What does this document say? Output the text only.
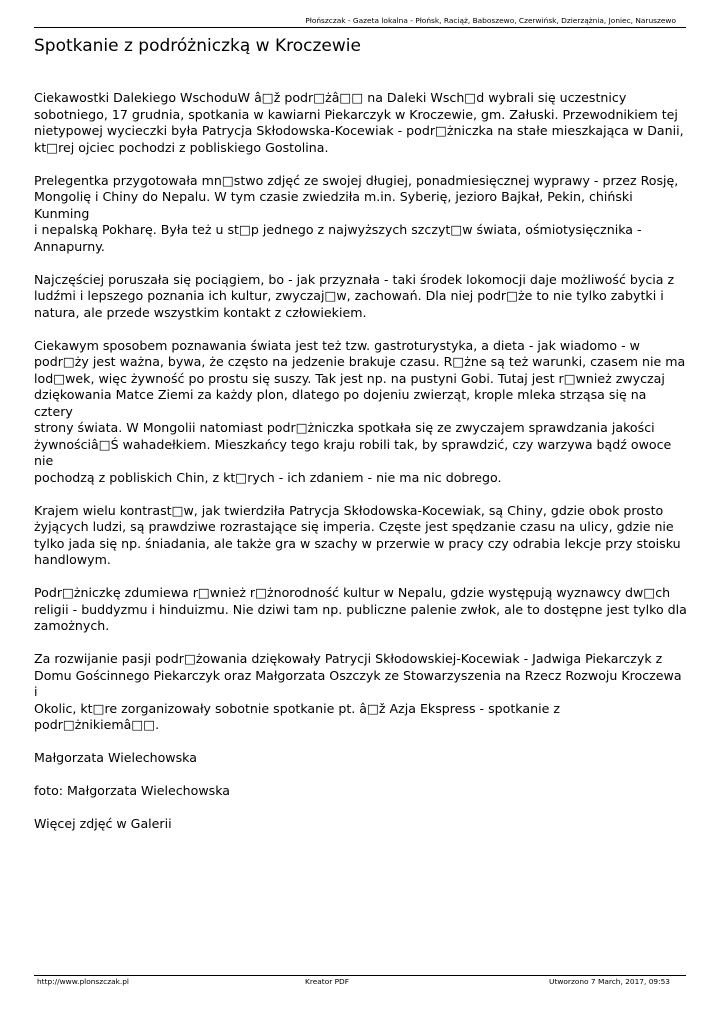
Płońszczak - Gazeta lokalna - Płońsk, Raciąż, Baboszewo, Czerwińsk, Dzierzążnia, Joniec, Naruszewo
Spotkanie z podróżniczką w Kroczewie

Ciekawostki Dalekiego WschoduW â□ž podr□żâ□□ na Daleki Wsch□d wybrali się uczestnicy
sobotniego, 17 grudnia, spotkania w kawiarni Piekarczyk w Kroczewie, gm. Załuski. Przewodnikiem tej
nietypowej wycieczki była Patrycja Skłodowska-Kocewiak - podr□żniczka na stałe mieszkająca w Danii,
kt□rej ojciec pochodzi z pobliskiego Gostolina.

Prelegentka przygotowała mn□stwo zdjęć ze swojej długiej, ponadmiesięcznej wyprawy - przez Rosję,
Mongolię i Chiny do Nepalu. W tym czasie zwiedziła m.in. Syberię, jezioro Bajkał, Pekin, chiński Kunming
i nepalską Pokharę. Była też u st□p jednego z najwyższych szczyt□w świata, ośmiotysięcznika -
Annapurny.

Najczęściej poruszała się pociągiem, bo - jak przyznała - taki środek lokomocji daje możliwość bycia z
ludźmi i lepszego poznania ich kultur, zwyczaj□w, zachowań. Dla niej podr□że to nie tylko zabytki i
natura, ale przede wszystkim kontakt z człowiekiem.

Ciekawym sposobem poznawania świata jest też tzw. gastroturystyka, a dieta - jak wiadomo - w
podr□ży jest ważna, bywa, że często na jedzenie brakuje czasu. R□żne są też warunki, czasem nie ma
lod□wek, więc żywność po prostu się suszy. Tak jest np. na pustyni Gobi. Tutaj jest r□wnież zwyczaj
dziękowania Matce Ziemi za każdy plon, dlatego po dojeniu zwierząt, krople mleka strząsa się na cztery
strony świata. W Mongolii natomiast podr□żniczka spotkała się ze zwyczajem sprawdzania jakości
żywnościâ□Ś wahadełkiem. Mieszkańcy tego kraju robili tak, by sprawdzić, czy warzywa bądź owoce nie
pochodzą z pobliskich Chin, z kt□rych - ich zdaniem - nie ma nic dobrego.

Krajem wielu kontrast□w, jak twierdziła Patrycja Skłodowska-Kocewiak, są Chiny, gdzie obok prosto
żyjących ludzi, są prawdziwe rozrastające się imperia. Częste jest spędzanie czasu na ulicy, gdzie nie
tylko jada się np. śniadania, ale także gra w szachy w przerwie w pracy czy odrabia lekcje przy stoisku
handlowym.

Podr□żniczkę zdumiewa r□wnież r□żnorodność kultur w Nepalu, gdzie występują wyznawcy dw□ch
religii - buddyzmu i hinduizmu. Nie dziwi tam np. publiczne palenie zwłok, ale to dostępne jest tylko dla
zamożnych.

Za rozwijanie pasji podr□żowania dziękowały Patrycji Skłodowskiej-Kocewiak - Jadwiga Piekarczyk z
Domu Gościnnego Piekarczyk oraz Małgorzata Oszczyk ze Stowarzyszenia na Rzecz Rozwoju Kroczewa i
Okolic, kt□re zorganizowały sobotnie spotkanie pt. â□ž Azja Ekspress - spotkanie z podr□żnikiemâ□□.

Małgorzata Wielechowska

foto: Małgorzata Wielechowska

Więcej zdjęć w Galerii

http://www.plonszczak.pl	Kreator PDF	Utworzono 7 March, 2017, 09:53
